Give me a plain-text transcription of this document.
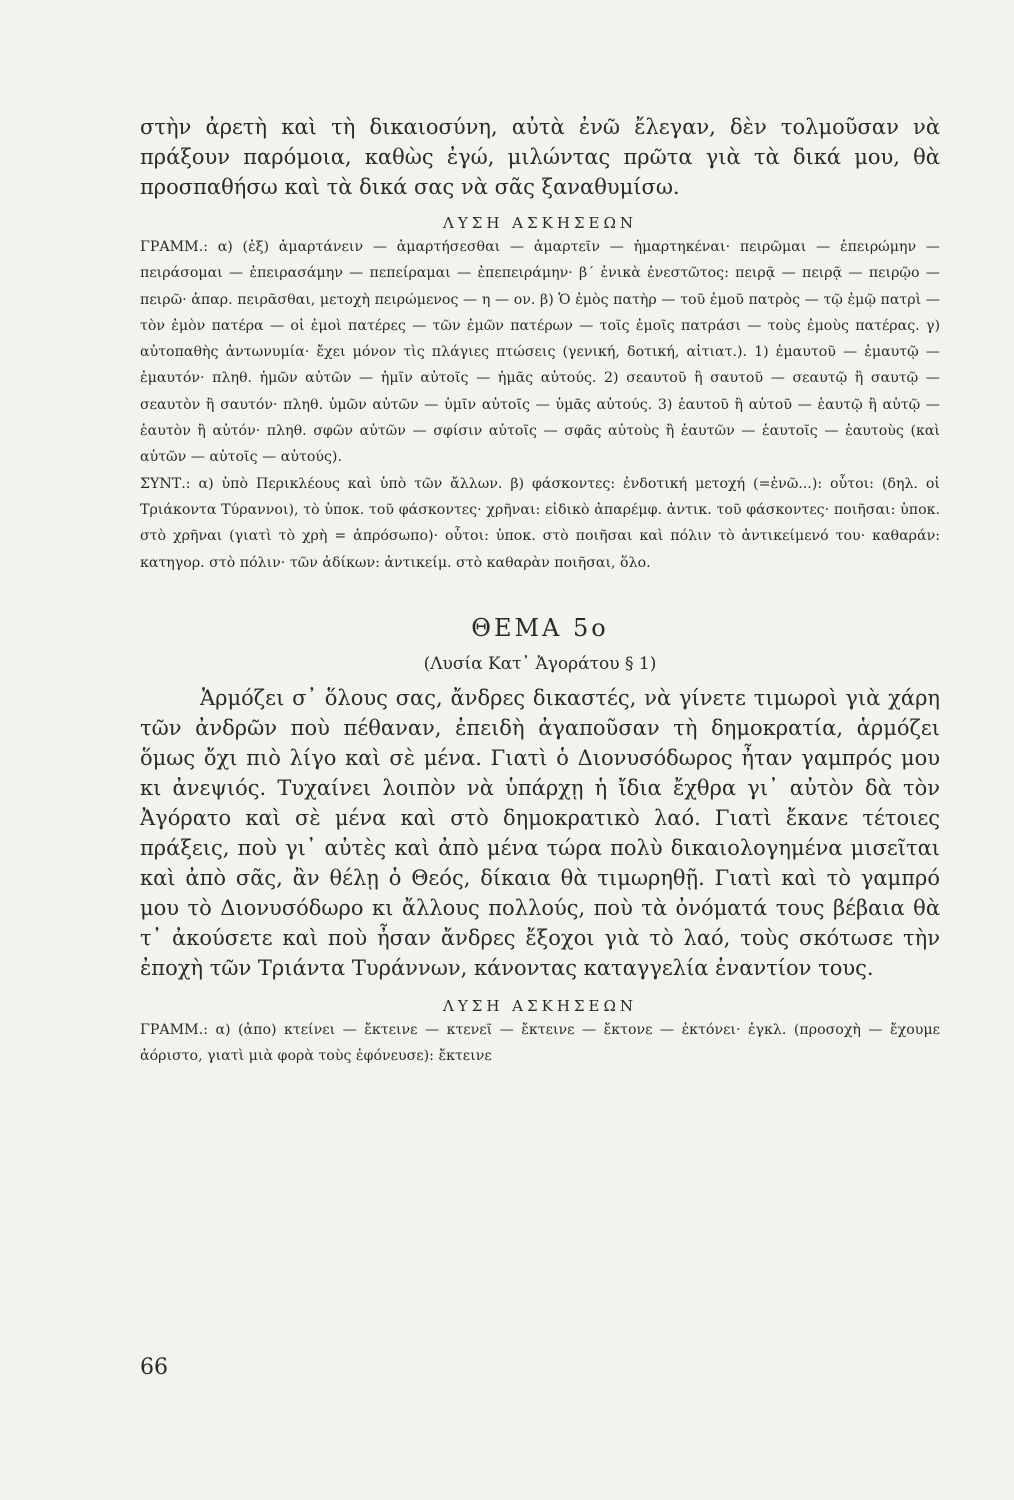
στὴν ἀρετὴ καὶ τὴ δικαιοσύνη, αὐτὰ ἐνῶ ἔλεγαν, δὲν τολμοῦσαν νὰ πράξουν παρόμοια, καθὼς ἐγώ, μιλώντας πρῶτα γιὰ τὰ δικά μου, θὰ προσπαθήσω καὶ τὰ δικά σας νὰ σᾶς ξαναθυμίσω.

ΛΥΣΗ ΑΣΚΗΣΕΩΝ

ΓΡΑΜΜ.: α) (ἐξ) ἁμαρτάνειν — ἁμαρτήσεσθαι — ἁμαρτεῖν — ἡμαρτηκέναι· πειρῶμαι — ἐπειρώμην — πειράσομαι — ἐπειρασάμην — πεπείραμαι — ἐπεπειράμην· β΄ ἑνικὰ ἐνεστῶτος: πειρᾷ — πειρᾷ — πειρῷο — πειρῶ· ἀπαρ. πειρᾶσθαι, μετοχὴ πειρώμενος — η — ον. β) Ὁ ἐμὸς πατὴρ — τοῦ ἐμοῦ πατρὸς — τῷ ἐμῷ πατρὶ — τὸν ἐμὸν πατέρα — οἱ ἐμοὶ πατέρες — τῶν ἐμῶν πατέρων — τοῖς ἐμοῖς πατράσι — τοὺς ἐμοὺς πατέρας. γ) αὐτοπαθὴς ἀντωνυμία· ἔχει μόνον τὶς πλάγιες πτώσεις (γενική, δοτική, αἰτιατ.). 1) ἐμαυτοῦ — ἐμαυτῷ — ἐμαυτόν· πληθ. ἡμῶν αὐτῶν — ἡμῖν αὐτοῖς — ἡμᾶς αὐτούς. 2) σεαυτοῦ ἢ σαυτοῦ — σεαυτῷ ἢ σαυτῷ — σεαυτὸν ἢ σαυτόν· πληθ. ὑμῶν αὐτῶν — ὑμῖν αὐτοῖς — ὑμᾶς αὐτούς. 3) ἑαυτοῦ ἢ αὑτοῦ — ἑαυτῷ ἢ αὑτῷ — ἑαυτὸν ἢ αὑτόν· πληθ. σφῶν αὐτῶν — σφίσιν αὐτοῖς — σφᾶς αὐτοὺς ἢ ἑαυτῶν — ἑαυτοῖς — ἑαυτοὺς (καὶ αὑτῶν — αὑτοῖς — αὑτούς).

ΣΥΝΤ.: α) ὑπὸ Περικλέους καὶ ὑπὸ τῶν ἄλλων. β) φάσκοντες: ἐνδοτική μετοχή (=ἐνῶ...): οὗτοι: (δηλ. οἱ Τριάκοντα Τύραννοι), τὸ ὑποκ. τοῦ φάσκοντες· χρῆναι: εἰδικὸ ἀπαρέμφ. ἀντικ. τοῦ φάσκοντες· ποιῆσαι: ὑποκ. στὸ χρῆναι (γιατὶ τὸ χρὴ = ἀπρόσωπο)· οὗτοι: ὑποκ. στὸ ποιῆσαι καὶ πόλιν τὸ ἀντικείμενό του· καθαράν: κατηγορ. στὸ πόλιν· τῶν ἀδίκων: ἀντικείμ. στὸ καθαρὰν ποιῆσαι, ὅλο.

ΘΕΜΑ 5ο

(Λυσία Κατ᾽ Ἀγοράτου § 1)

Ἁρμόζει σ᾽ ὅλους σας, ἄνδρες δικαστές, νὰ γίνετε τιμωροὶ γιὰ χάρη τῶν ἀνδρῶν ποὺ πέθαναν, ἐπειδὴ ἀγαποῦσαν τὴ δημοκρατία, ἁρμόζει ὅμως ὄχι πιὸ λίγο καὶ σὲ μένα. Γιατὶ ὁ Διονυσόδωρος ἦταν γαμπρός μου κι ἀνεψιός. Τυχαίνει λοιπὸν νὰ ὑπάρχῃ ἡ ἴδια ἔχθρα γι᾽ αὐτὸν δὰ τὸν Ἀγόρατο καὶ σὲ μένα καὶ στὸ δημοκρατικὸ λαό. Γιατὶ ἔκανε τέτοιες πράξεις, ποὺ γι᾽ αὐτὲς καὶ ἀπὸ μένα τώρα πολὺ δικαιολογημένα μισεῖται καὶ ἀπὸ σᾶς, ἂν θέλῃ ὁ Θεός, δίκαια θὰ τιμωρηθῇ. Γιατὶ καὶ τὸ γαμπρό μου τὸ Διονυσόδωρο κι ἄλλους πολλούς, ποὺ τὰ ὀνόματά τους βέβαια θὰ τ᾽ ἀκούσετε καὶ ποὺ ἦσαν ἄνδρες ἔξοχοι γιὰ τὸ λαό, τοὺς σκότωσε τὴν ἐποχὴ τῶν Τριάντα Τυράννων, κάνοντας καταγγελία ἐναντίον τους.

ΛΥΣΗ ΑΣΚΗΣΕΩΝ

ΓΡΑΜΜ.: α) (ἀπο) κτείνει — ἔκτεινε — κτενεῖ — ἔκτεινε — ἔκτονε — ἐκτόνει· ἐγκλ. (προσοχὴ — ἔχουμε ἀόριστο, γιατὶ μιὰ φορὰ τοὺς ἐφόνευσε): ἔκτεινε

66
